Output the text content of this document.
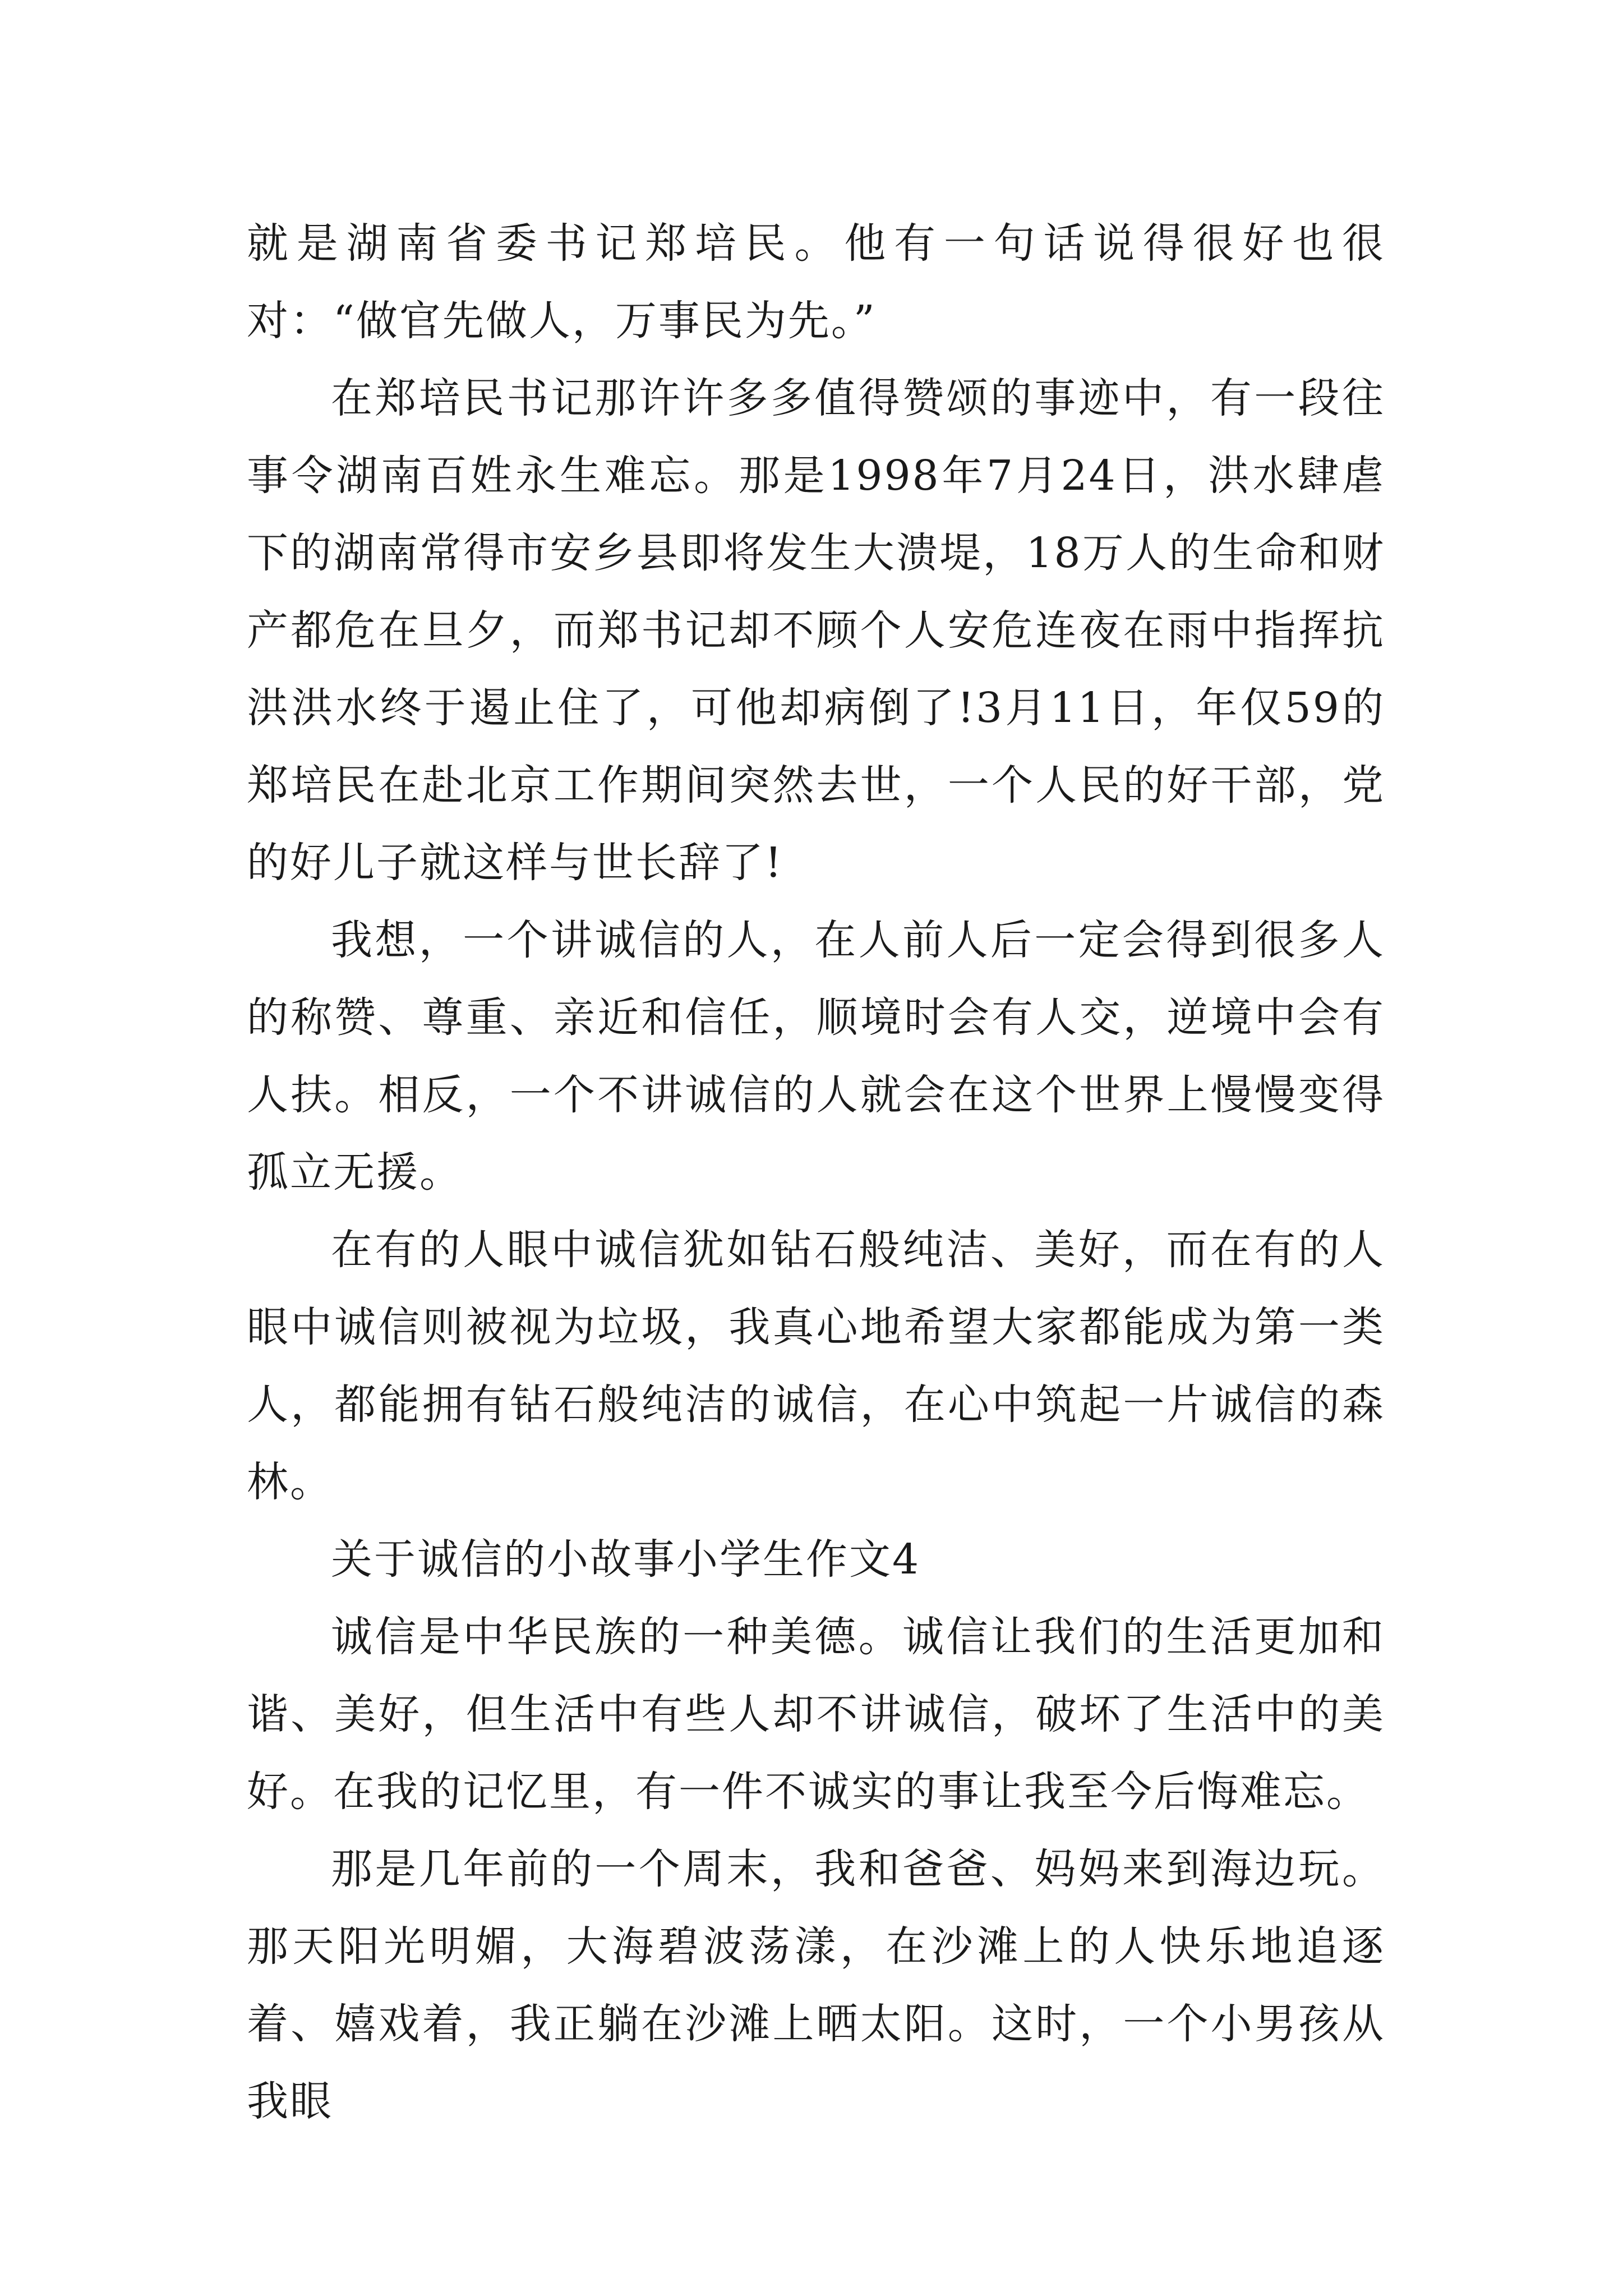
就是湖南省委书记郑培民。他有一句话说得很好也很对：“做官先做人，万事民为先。”

在郑培民书记那许许多多值得赞颂的事迹中，有一段往事令湖南百姓永生难忘。那是1998年7月24日，洪水肆虐下的湖南常得市安乡县即将发生大溃堤，18万人的生命和财产都危在旦夕，而郑书记却不顾个人安危连夜在雨中指挥抗洪洪水终于遏止住了，可他却病倒了!3月11日，年仅59的郑培民在赴北京工作期间突然去世，一个人民的好干部，党的好儿子就这样与世长辞了!

我想，一个讲诚信的人，在人前人后一定会得到很多人的称赞、尊重、亲近和信任，顺境时会有人交，逆境中会有人扶。相反，一个不讲诚信的人就会在这个世界上慢慢变得孤立无援。

在有的人眼中诚信犹如钻石般纯洁、美好，而在有的人眼中诚信则被视为垃圾，我真心地希望大家都能成为第一类人，都能拥有钻石般纯洁的诚信，在心中筑起一片诚信的森林。

关于诚信的小故事小学生作文4

诚信是中华民族的一种美德。诚信让我们的生活更加和谐、美好，但生活中有些人却不讲诚信，破坏了生活中的美好。在我的记忆里，有一件不诚实的事让我至今后悔难忘。

那是几年前的一个周末，我和爸爸、妈妈来到海边玩。那天阳光明媚，大海碧波荡漾，在沙滩上的人快乐地追逐着、嬉戏着，我正躺在沙滩上晒太阳。这时，一个小男孩从我眼
